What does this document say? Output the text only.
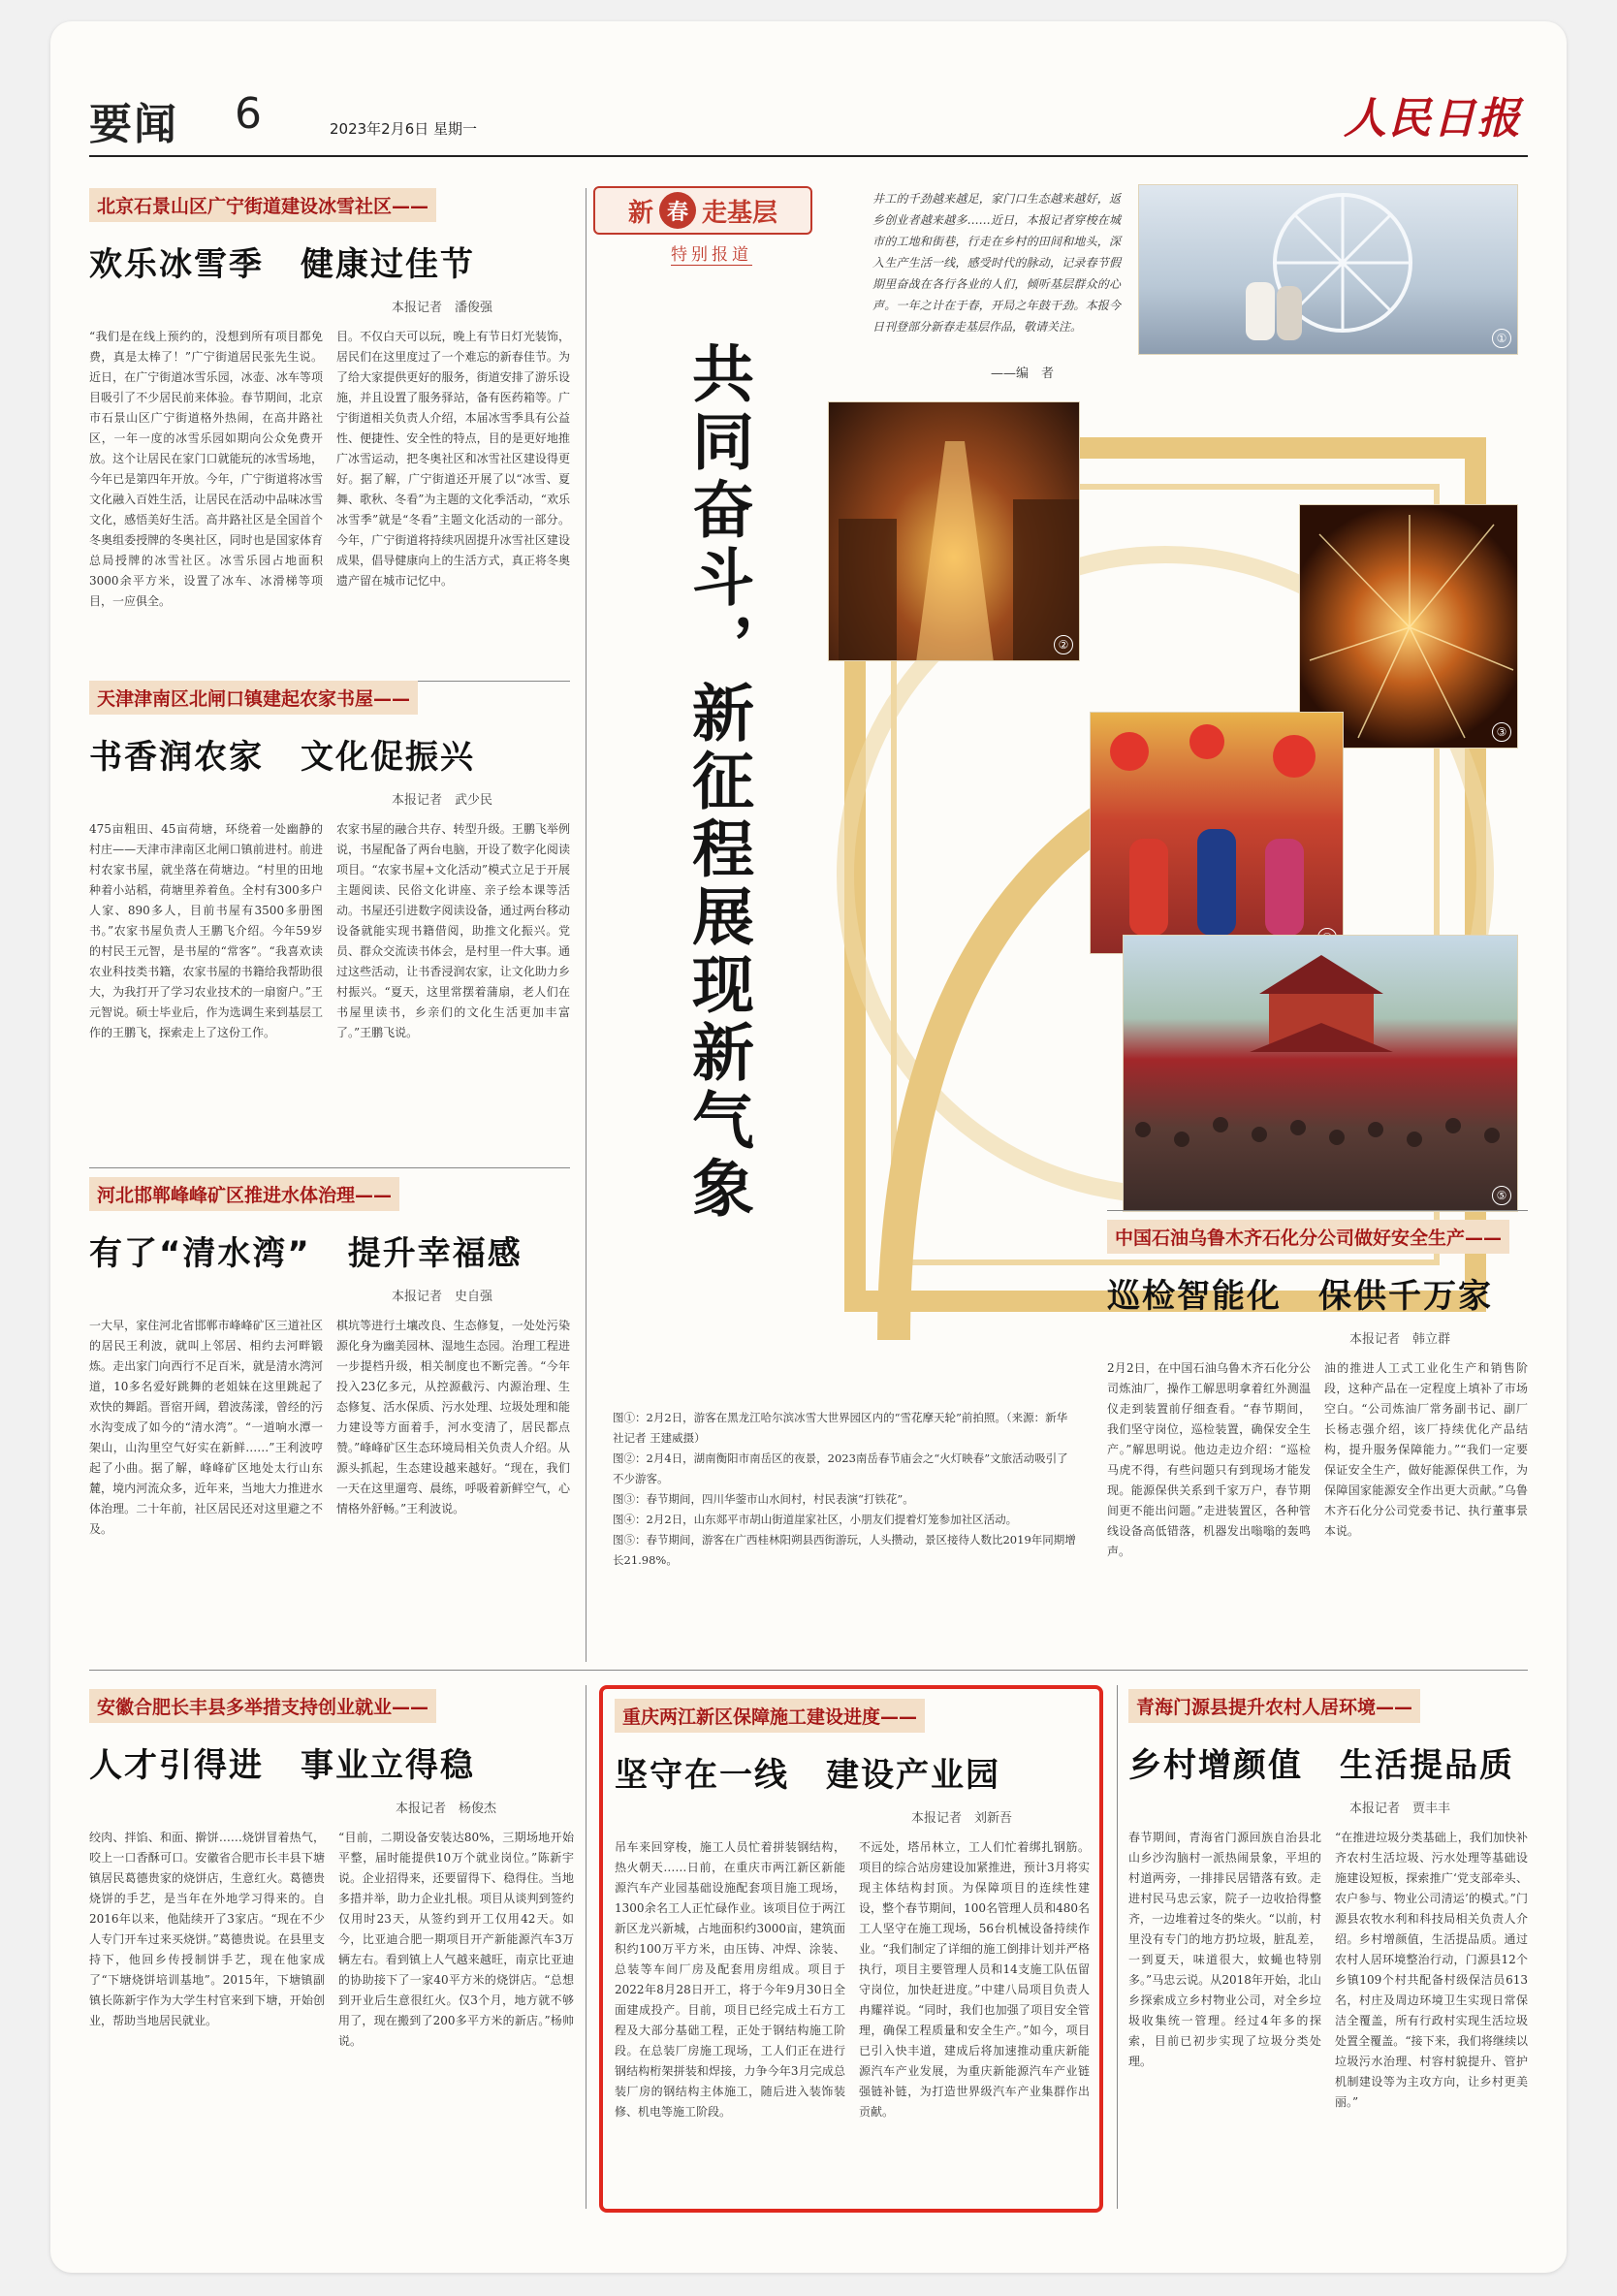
要闻 6	2023年2月6日 星期一	人民日报
北京石景山区广宁街道建设冰雪社区——
欢乐冰雪季 健康过佳节
本报记者　潘俊强

“我们是在线上预约的，没想到所有项目都免费，真是太棒了！”广宁街道居民张先生说。近日，在广宁街道冰雪乐园，冰壶、冰车等项目吸引了不少居民前来体验。春节期间，北京市石景山区广宁街道格外热闹，在高井路社区，一年一度的冰雪乐园如期向公众免费开放。这个让居民在家门口就能玩的冰雪场地，今年已是第四年开放。今年，广宁街道将冰雪文化融入百姓生活，让居民在活动中品味冰雪文化，感悟美好生活。高井路社区是全国首个冬奥组委授牌的冬奥社区，同时也是国家体育总局授牌的冰雪社区。冰雪乐园占地面积3000余平方米，设置了冰车、冰滑梯等项目，一应俱全。

目。不仅白天可以玩，晚上有节日灯光装饰，居民们在这里度过了一个难忘的新春佳节。为了给大家提供更好的服务，街道安排了游乐设施，并且设置了服务驿站，备有医药箱等。广宁街道相关负责人介绍，本届冰雪季具有公益性、便捷性、安全性的特点，目的是更好地推广冰雪运动，把冬奥社区和冰雪社区建设得更好。据了解，广宁街道还开展了以“冰雪、夏舞、歌秋、冬看”为主题的文化季活动，“欢乐冰雪季”就是“冬看”主题文化活动的一部分。今年，广宁街道将持续巩固提升冰雪社区建设成果，倡导健康向上的生活方式，真正将冬奥遗产留在城市记忆中。

天津津南区北闸口镇建起农家书屋——
书香润农家 文化促振兴
本报记者　武少民

475亩粗田、45亩荷塘，环绕着一处幽静的村庄——天津市津南区北闸口镇前进村。前进村农家书屋，就坐落在荷塘边。“村里的田地种着小站稻，荷塘里养着鱼。全村有300多户人家、890多人，目前书屋有3500多册图书。”农家书屋负责人王鹏飞介绍。今年59岁的村民王元智，是书屋的“常客”。“我喜欢读农业科技类书籍，农家书屋的书籍给我帮助很大，为我打开了学习农业技术的一扇窗户。”王元智说。硕士毕业后，作为选调生来到基层工作的王鹏飞，探索走上了这份工作。

农家书屋的融合共存、转型升级。王鹏飞举例说，书屋配备了两台电脑，开设了数字化阅读项目。“农家书屋+文化活动”模式立足于开展主题阅读、民俗文化讲座、亲子绘本课等活动。书屋还引进数字阅读设备，通过两台移动设备就能实现书籍借阅，助推文化振兴。党员、群众交流读书体会，是村里一件大事。通过这些活动，让书香浸润农家，让文化助力乡村振兴。“夏天，这里常摆着蒲扇，老人们在书屋里读书，乡亲们的文化生活更加丰富了。”王鹏飞说。

河北邯郸峰峰矿区推进水体治理——
有了“清水湾” 提升幸福感
本报记者　史自强

一大早，家住河北省邯郸市峰峰矿区三道社区的居民王利波，就叫上邻居、相约去河畔锻炼。走出家门向西行不足百米，就是清水湾河道，10多名爱好跳舞的老姐妹在这里跳起了欢快的舞蹈。晋宿开阔，碧波荡漾，曾经的污水沟变成了如今的“清水湾”。“一道响水潭一架山，山沟里空气好实在新鲜……”王利波哼起了小曲。据了解，峰峰矿区地处太行山东麓，境内河流众多，近年来，当地大力推进水体治理。二十年前，社区居民还对这里避之不及。

棋坑等进行土壤改良、生态修复，一处处污染源化身为幽美园林、湿地生态园。治理工程进一步提档升级，相关制度也不断完善。“今年投入23亿多元，从控源截污、内源治理、生态修复、活水保质、污水处理、垃圾处理和能力建设等方面着手，河水变清了，居民都点赞。”峰峰矿区生态环境局相关负责人介绍。从源头抓起，生态建设越来越好。“现在，我们一天在这里遛弯、晨练，呼吸着新鲜空气，心情格外舒畅。”王利波说。

新 春 走基层
特别报道
共同奋斗，新征程展现新气象
井工的千劲越来越足，家门口生态越来越好，返乡创业者越来越多……近日，本报记者穿梭在城市的工地和街巷，行走在乡村的田间和地头，深入生产生活一线，感受时代的脉动，记录春节假期里奋战在各行各业的人们，倾听基层群众的心声。一年之计在于春，开局之年鼓干劲。本报今日刊登部分新春走基层作品，敬请关注。
——编　者
①
②
③
⑤
图①：2月2日，游客在黑龙江哈尔滨冰雪大世界园区内的“雪花摩天轮”前拍照。（来源：新华社记者 王建威摄）
图②：2月4日，湖南衡阳市南岳区的夜景，2023南岳春节庙会之“火灯映春”文旅活动吸引了不少游客。
图③：春节期间，四川华蓥市山水间村，村民表演“打铁花”。
图④：2月2日，山东郯平市胡山街道崖家社区，小朋友们提着灯笼参加社区活动。
图⑤：春节期间，游客在广西桂林阳朔县西街游玩，人头攒动，景区接待人数比2019年同期增长21.98%。
中国石油乌鲁木齐石化分公司做好安全生产——
巡检智能化 保供千万家
本报记者　韩立群

2月2日，在中国石油乌鲁木齐石化分公司炼油厂，操作工解思明拿着红外测温仪走到装置前仔细查看。“春节期间，我们坚守岗位，巡检装置，确保安全生产。”解思明说。他边走边介绍：“巡检马虎不得，有些问题只有到现场才能发现。能源保供关系到千家万户，春节期间更不能出问题。”走进装置区，各种管线设备高低错落，机器发出嗡嗡的轰鸣声。

油的推进人工式工业化生产和销售阶段，这种产品在一定程度上填补了市场空白。“公司炼油厂常务副书记、副厂长杨志强介绍，该厂持续优化产品结构，提升服务保障能力。”“我们一定要保证安全生产，做好能源保供工作，为保障国家能源安全作出更大贡献。”乌鲁木齐石化分公司党委书记、执行董事景本说。

安徽合肥长丰县多举措支持创业就业——
人才引得进 事业立得稳
本报记者　杨俊杰

绞肉、拌馅、和面、擀饼……烧饼冒着热气，咬上一口香酥可口。安徽省合肥市长丰县下塘镇居民葛德贵家的烧饼店，生意红火。葛德贵烧饼的手艺，是当年在外地学习得来的。自2016年以来，他陆续开了3家店。“现在不少人专门开车过来买烧饼。”葛德贵说。在县里支持下，他回乡传授制饼手艺，现在他家成了“下塘烧饼培训基地”。2015年，下塘镇副镇长陈新宇作为大学生村官来到下塘，开始创业，帮助当地居民就业。

“目前，二期设备安装达80%，三期场地开始平整，届时能提供10万个就业岗位。”陈新宇说。企业招得来，还要留得下、稳得住。当地多措并举，助力企业扎根。项目从谈判到签约仅用时23天，从签约到开工仅用42天。如今，比亚迪合肥一期项目开产新能源汽车3万辆左右。看到镇上人气越来越旺，南京比亚迪的协助接下了一家40平方米的烧饼店。“总想到开业后生意很红火。仅3个月，地方就不够用了，现在搬到了200多平方米的新店。”杨帅说。

重庆两江新区保障施工建设进度——
坚守在一线 建设产业园
本报记者　刘新吾

吊车来回穿梭，施工人员忙着拼装钢结构，热火朝天……日前，在重庆市两江新区新能源汽车产业园基础设施配套项目施工现场，1300余名工人正忙碌作业。该项目位于两江新区龙兴新城，占地面积约3000亩，建筑面积约100万平方米，由压铸、冲焊、涂装、总装等车间厂房及配套用房组成。项目于2022年8月28日开工，将于今年9月30日全面建成投产。目前，项目已经完成土石方工程及大部分基础工程，正处于钢结构施工阶段。在总装厂房施工现场，工人们正在进行钢结构桁架拼装和焊接，力争今年3月完成总装厂房的钢结构主体施工，随后进入装饰装修、机电等施工阶段。

不远处，塔吊林立，工人们忙着绑扎钢筋。项目的综合站房建设加紧推进，预计3月将实现主体结构封顶。为保障项目的连续性建设，整个春节期间，100名管理人员和480名工人坚守在施工现场，56台机械设备持续作业。“我们制定了详细的施工倒排计划并严格执行，项目主要管理人员和14支施工队伍留守岗位，加快赶进度。”中建八局项目负责人冉耀祥说。“同时，我们也加强了项目安全管理，确保工程质量和安全生产。”如今，项目已引入快丰道，建成后将加速推动重庆新能源汽车产业发展，为重庆新能源汽车产业链强链补链，为打造世界级汽车产业集群作出贡献。

青海门源县提升农村人居环境——
乡村增颜值 生活提品质
本报记者　贾丰丰

春节期间，青海省门源回族自治县北山乡沙沟脑村一派热闹景象，平坦的村道两旁，一排排民居错落有致。走进村民马忠云家，院子一边收拾得整齐，一边堆着过冬的柴火。“以前，村里没有专门的地方扔垃圾，脏乱差，一到夏天，味道很大，蚊蝇也特别多。”马忠云说。从2018年开始，北山乡探索成立乡村物业公司，对全乡垃圾收集统一管理。经过4年多的探索，目前已初步实现了垃圾分类处理。

“在推进垃圾分类基础上，我们加快补齐农村生活垃圾、污水处理等基础设施建设短板，探索推广‘党支部牵头、农户参与、物业公司清运’的模式。”门源县农牧水利和科技局相关负责人介绍。乡村增颜值，生活提品质。通过农村人居环境整治行动，门源县12个乡镇109个村共配备村级保洁员613名，村庄及周边环境卫生实现日常保洁全覆盖，所有行政村实现生活垃圾处置全覆盖。“接下来，我们将继续以垃圾污水治理、村容村貌提升、管护机制建设等为主攻方向，让乡村更美丽。”
